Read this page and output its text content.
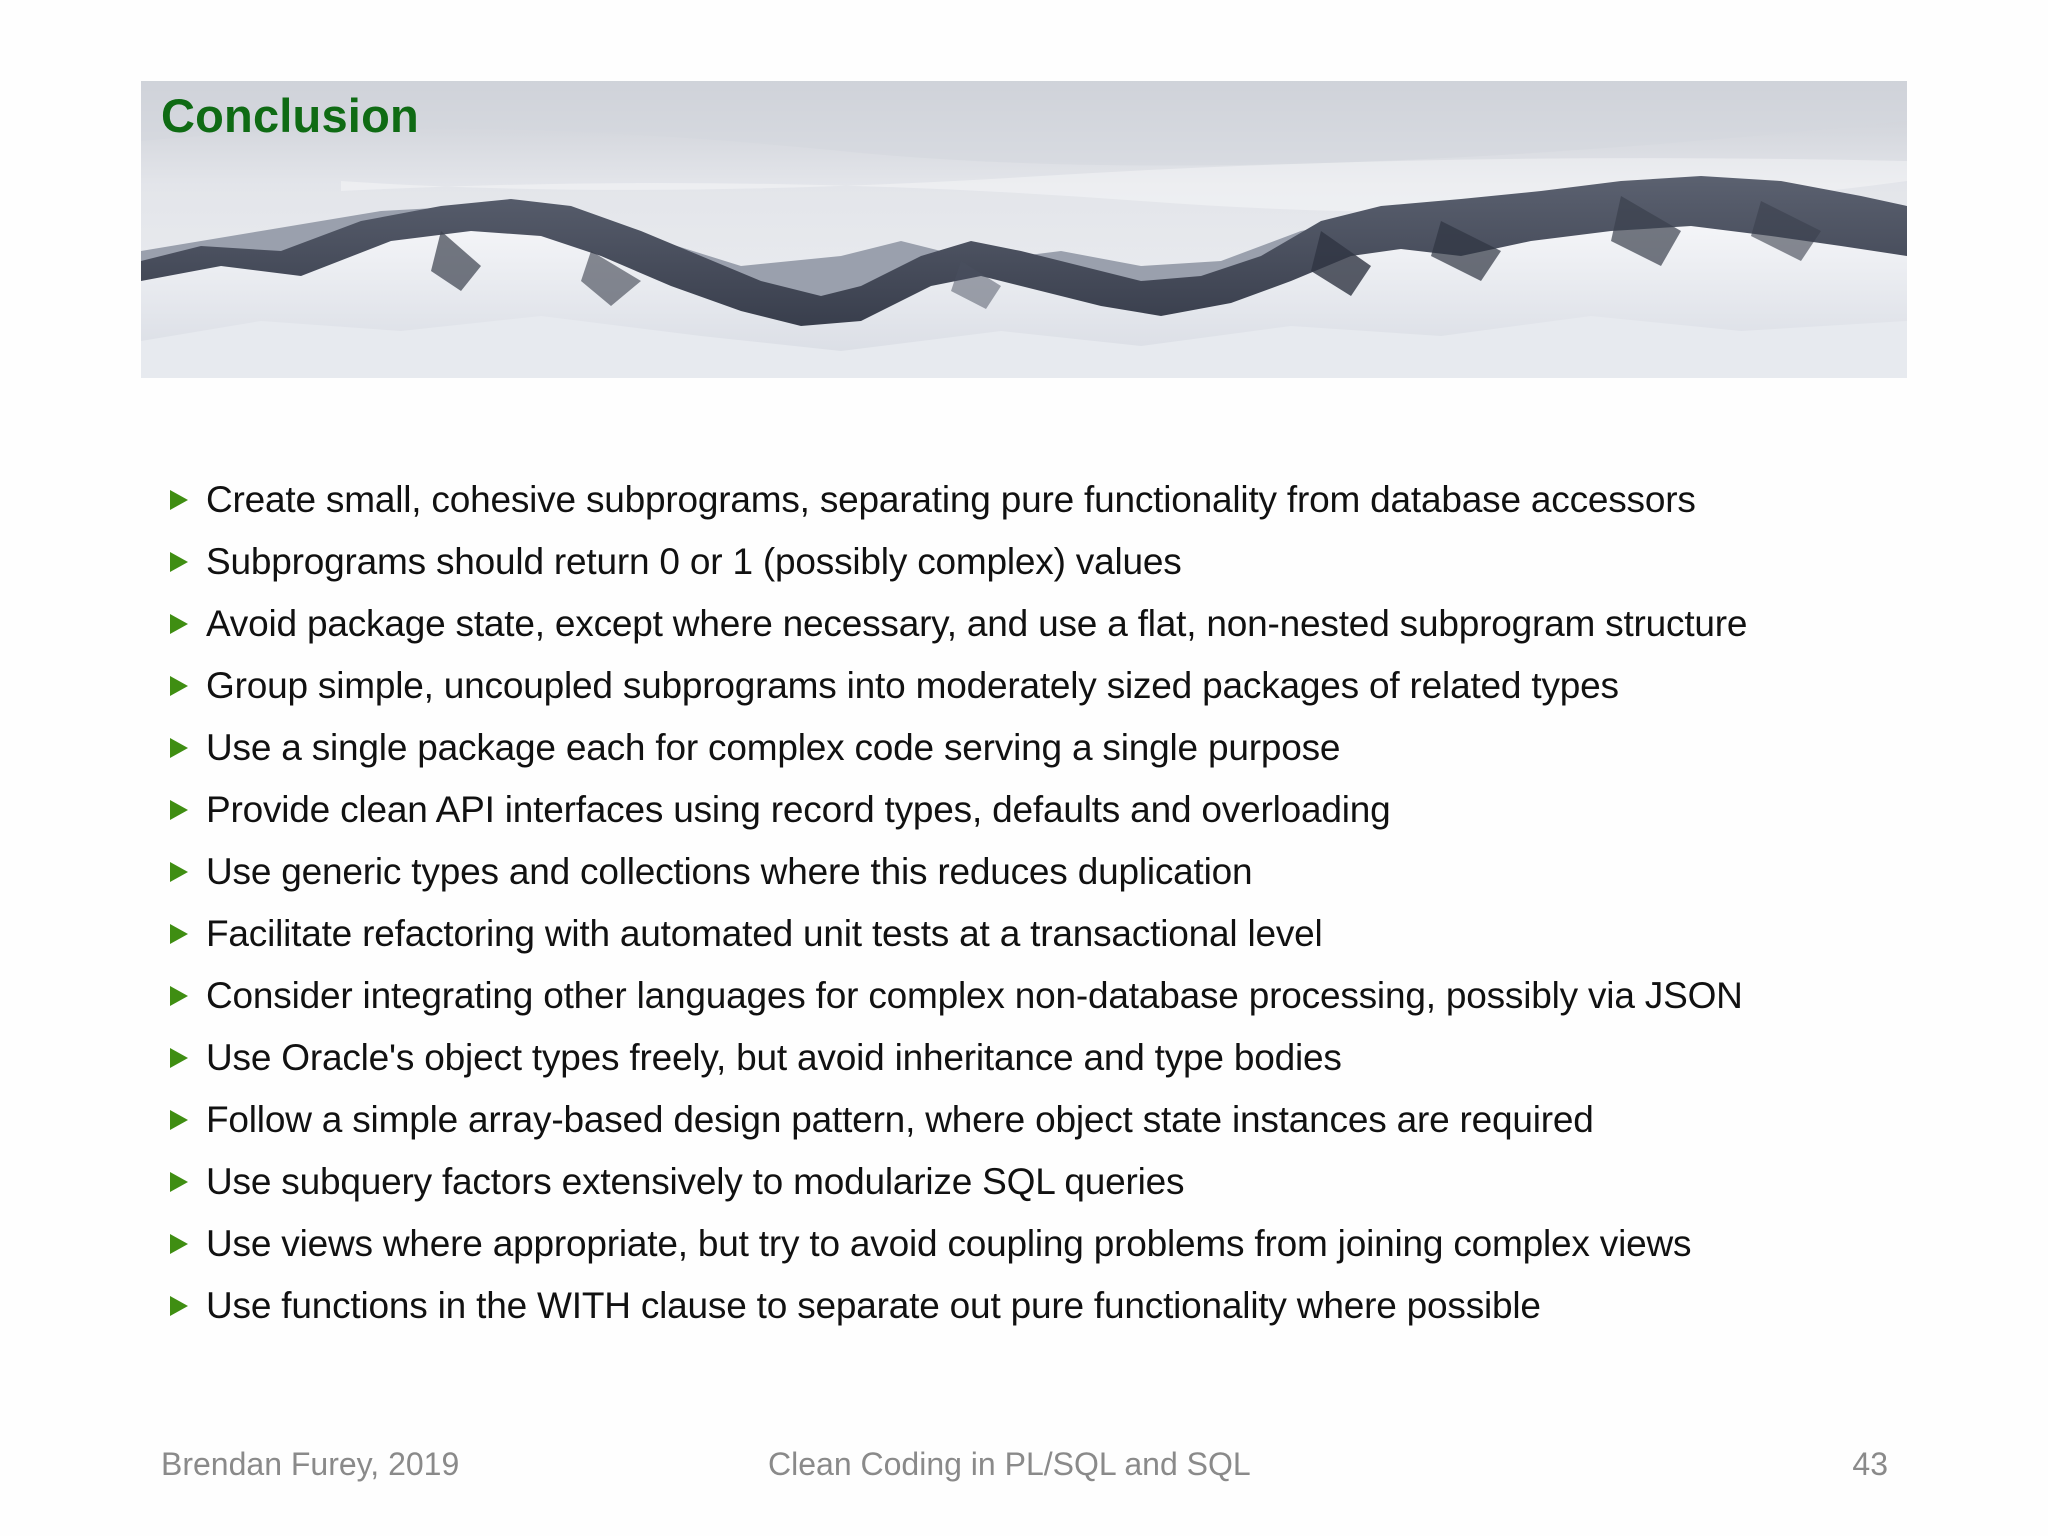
Conclusion
Create small, cohesive subprograms, separating pure functionality from database accessors
Subprograms should return 0 or 1 (possibly complex) values
Avoid package state, except where necessary, and use a flat, non-nested subprogram structure
Group simple, uncoupled subprograms into moderately sized packages of related types
Use a single package each for complex code serving a single purpose
Provide clean API interfaces using record types, defaults and overloading
Use generic types and collections where this reduces duplication
Facilitate refactoring with automated unit tests at a transactional level
Consider integrating other languages for complex non-database processing, possibly via JSON
Use Oracle's object types freely, but avoid inheritance and type bodies
Follow a simple array-based design pattern, where object state instances are required
Use subquery factors extensively to modularize SQL queries
Use views where appropriate, but try to avoid coupling problems from joining complex views
Use functions in the WITH clause to separate out pure functionality where possible
Brendan Furey, 2019	Clean Coding in PL/SQL and SQL	43
